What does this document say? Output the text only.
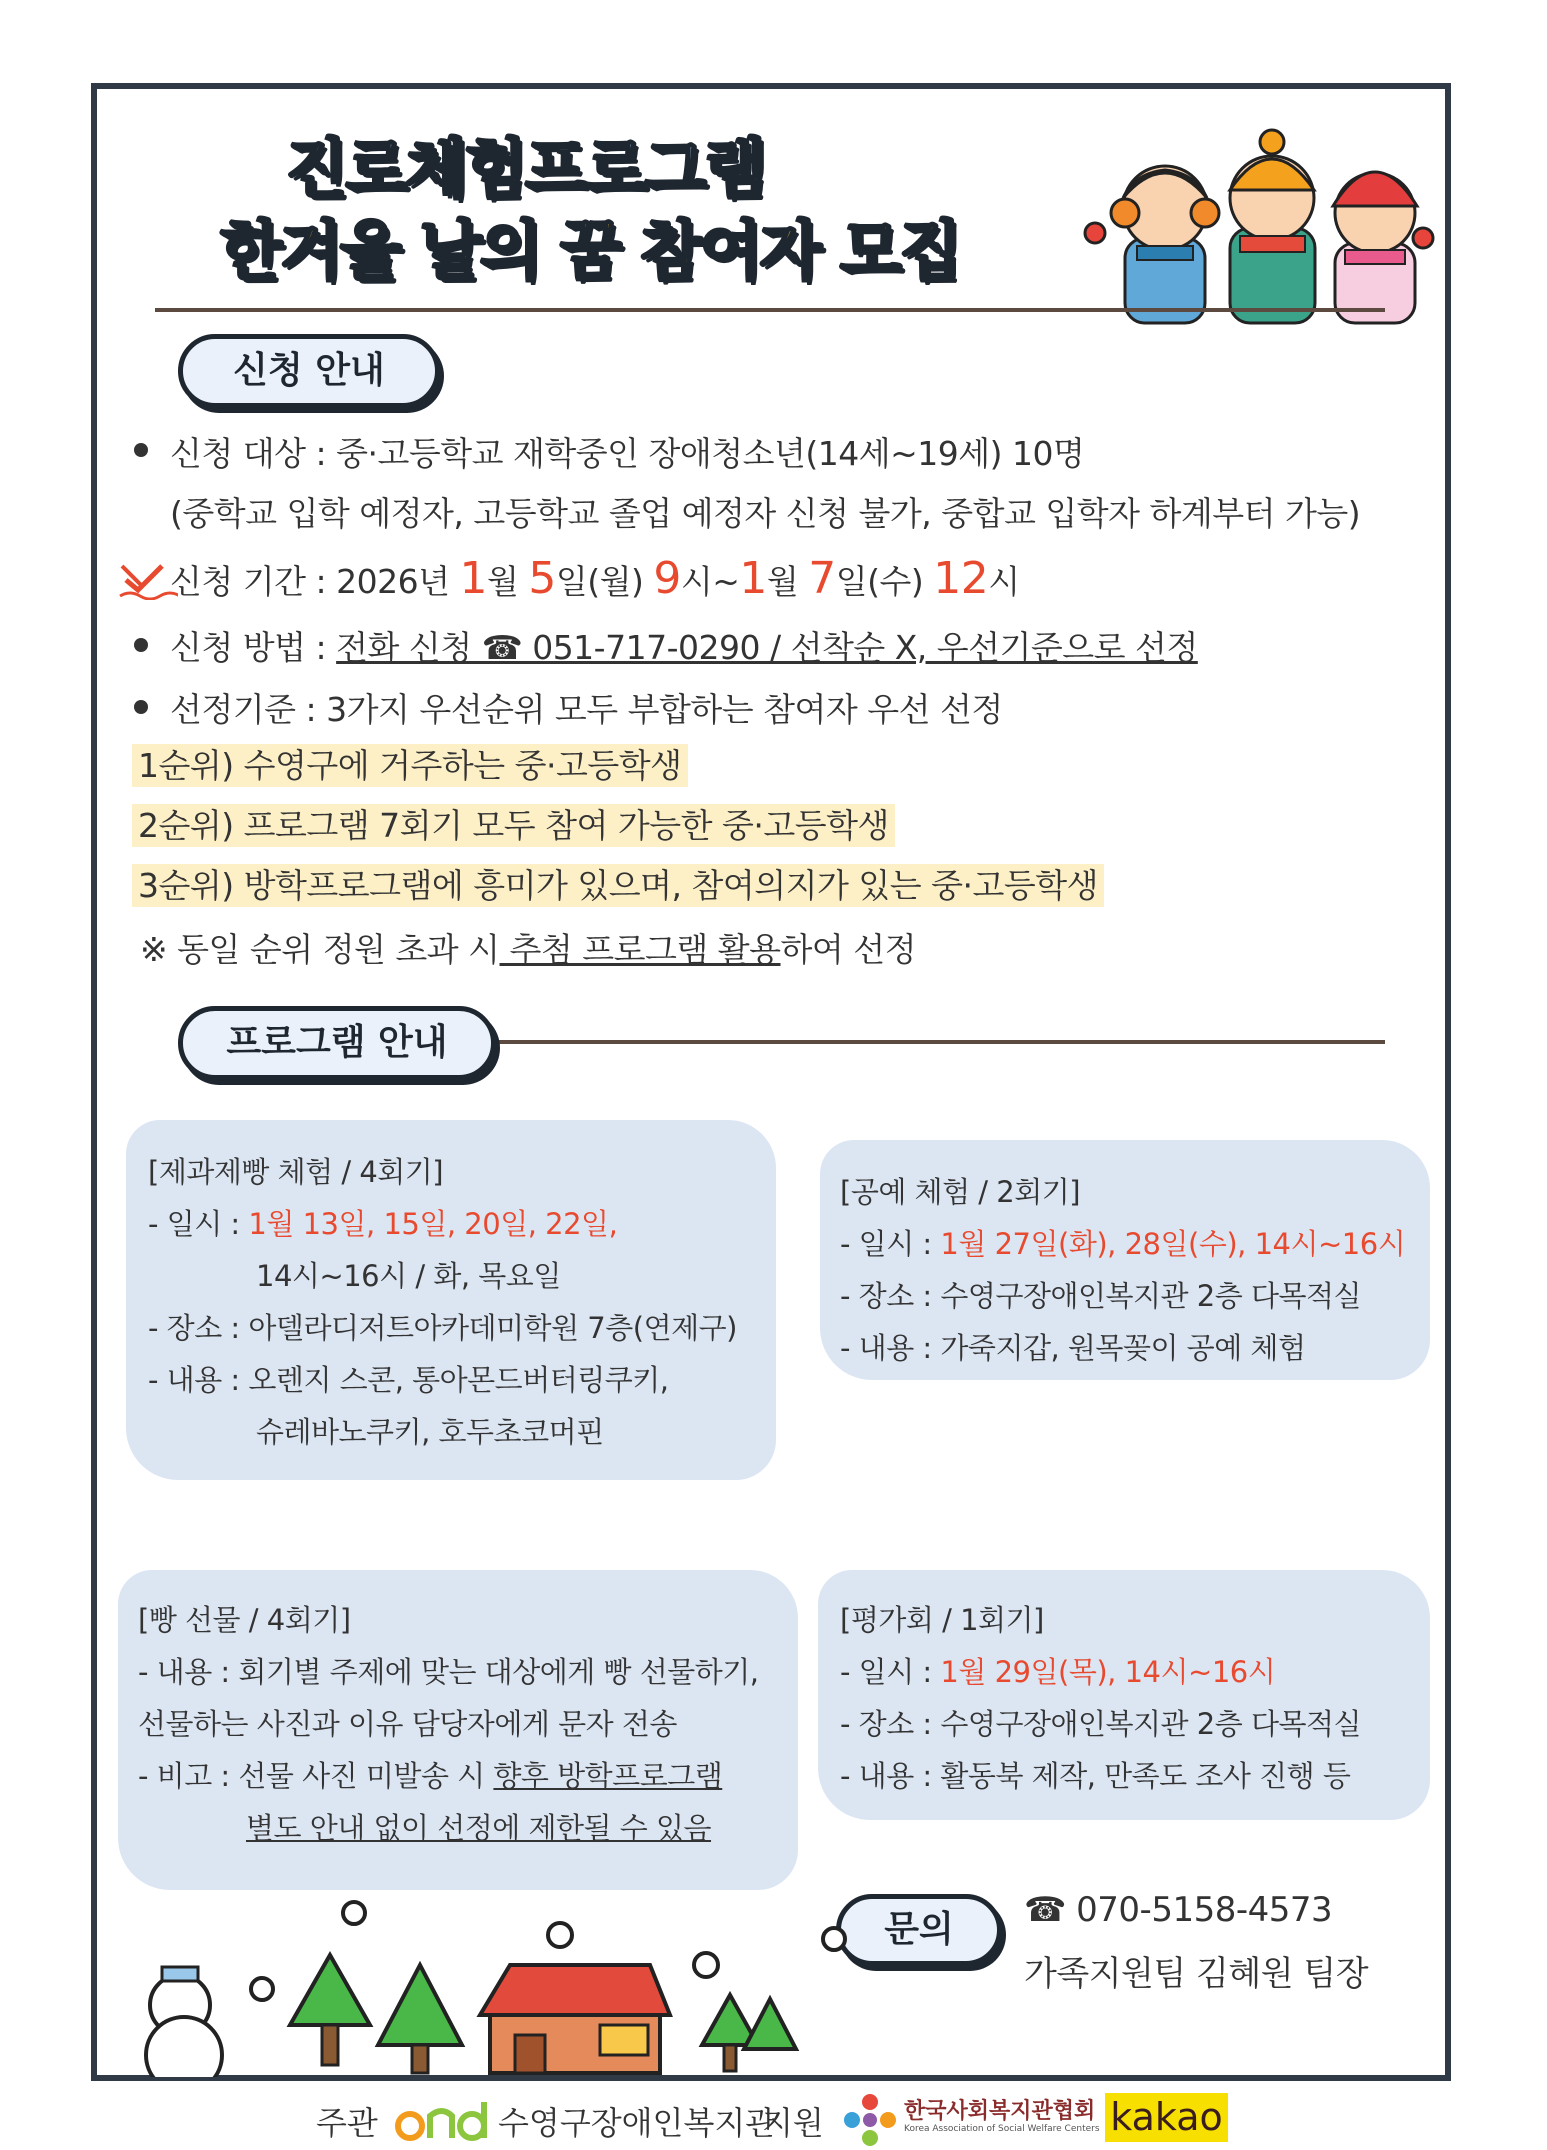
진로체험프로그램
한겨울 날의 꿈 참여자 모집
신청 안내
신청 대상 : 중·고등학교 재학중인 장애청소년(14세~19세) 10명
(중학교 입학 예정자, 고등학교 졸업 예정자 신청 불가, 중합교 입학자 하계부터 가능)
신청 기간 : 2026년 1월 5일(월) 9시~1월 7일(수) 12시
신청 방법 : 전화 신청 ☎ 051-717-0290 / 선착순 X, 우선기준으로 선정
선정기준 : 3가지 우선순위 모두 부합하는 참여자 우선 선정
1순위) 수영구에 거주하는 중·고등학생
2순위) 프로그램 7회기 모두 참여 가능한 중·고등학생
3순위) 방학프로그램에 흥미가 있으며, 참여의지가 있는 중·고등학생
※ 동일 순위 정원 초과 시 추첨 프로그램 활용하여 선정
프로그램 안내
[제과제빵 체험 / 4회기]
- 일시 : 1월 13일, 15일, 20일, 22일,
14시~16시 / 화, 목요일
- 장소 : 아델라디저트아카데미학원 7층(연제구)
- 내용 : 오렌지 스콘, 통아몬드버터링쿠키,
슈레바노쿠키, 호두초코머핀
[공예 체험 / 2회기]
- 일시 : 1월 27일(화), 28일(수), 14시~16시
- 장소 : 수영구장애인복지관 2층 다목적실
- 내용 : 가죽지갑, 원목꽂이 공예 체험
[빵 선물 / 4회기]
- 내용 : 회기별 주제에 맞는 대상에게 빵 선물하기,
선물하는 사진과 이유 담당자에게 문자 전송
- 비고 : 선물 사진 미발송 시 향후 방학프로그램
별도 안내 없이 선정에 제한될 수 있음
[평가회 / 1회기]
- 일시 : 1월 29일(목), 14시~16시
- 장소 : 수영구장애인복지관 2층 다목적실
- 내용 : 활동북 제작, 만족도 조사 진행 등
문의	☎ 070-5158-4573
가족지원팀 김혜원 팀장
주관	수영구장애인복지관
지원	한국사회복지관협회
Korea Association of Social Welfare Centers kakao
